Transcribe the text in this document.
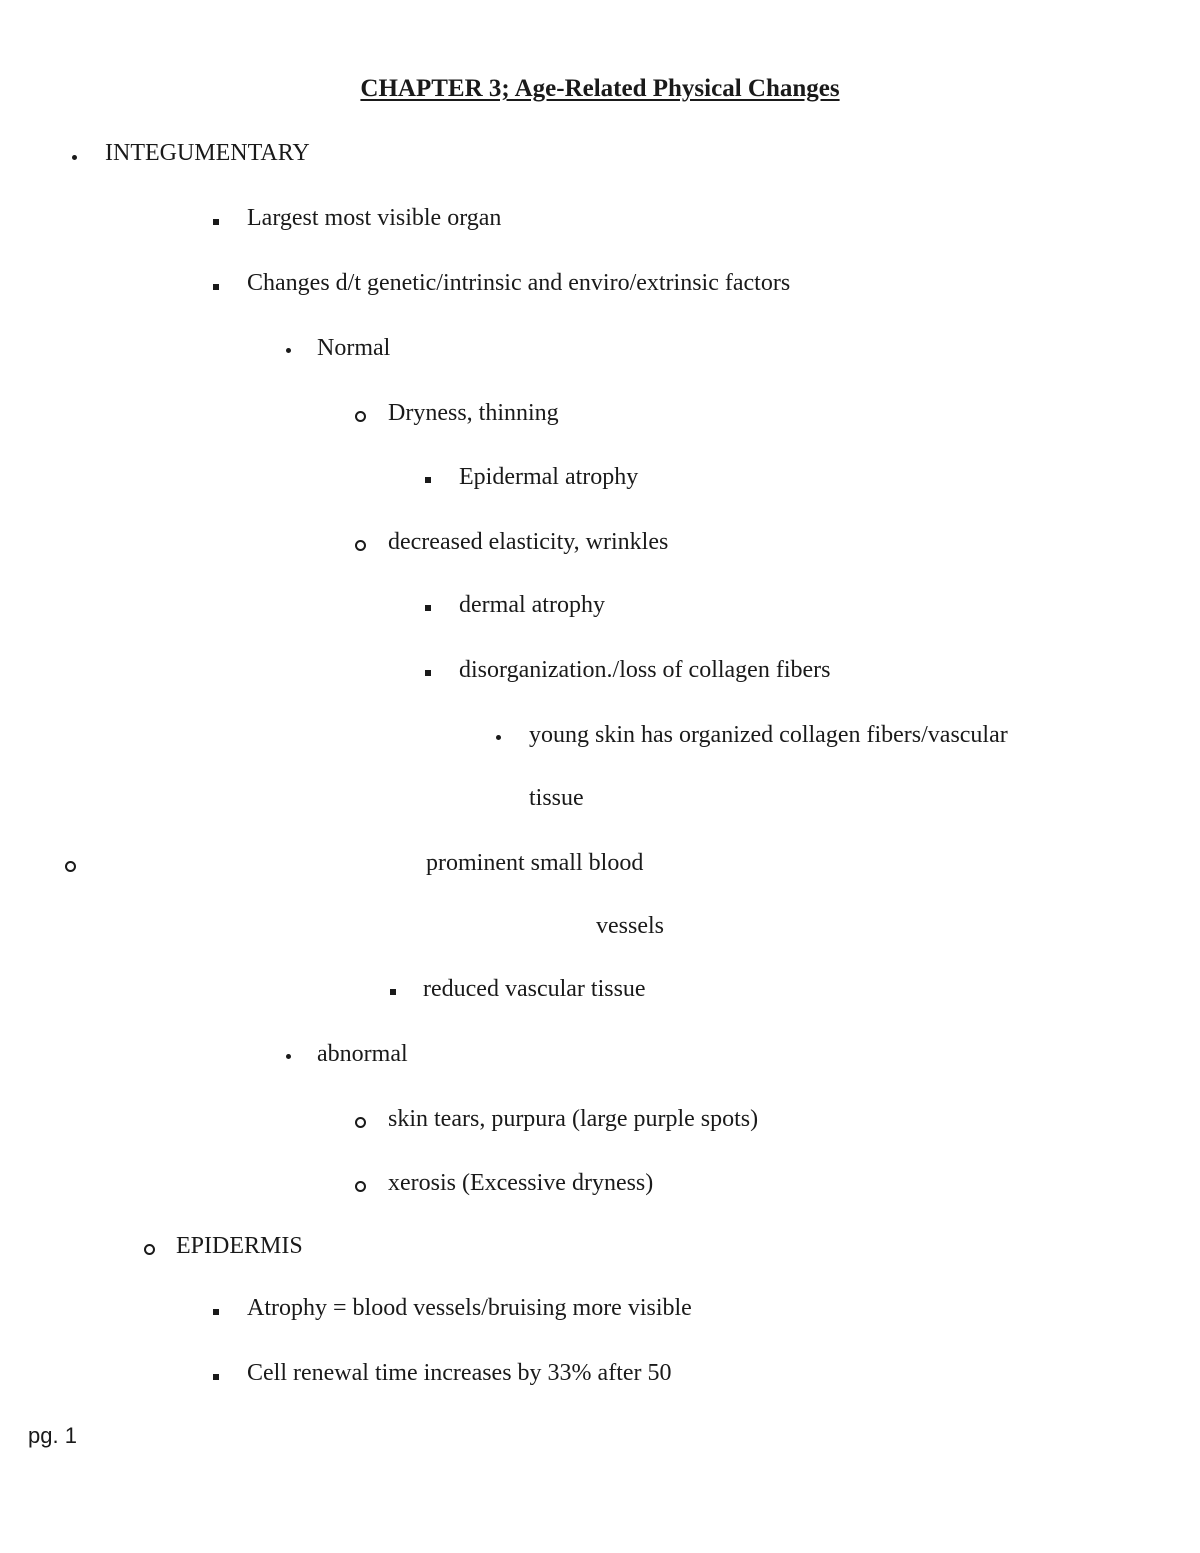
CHAPTER 3; Age-Related Physical Changes
INTEGUMENTARY
Largest most visible organ
Changes d/t genetic/intrinsic and enviro/extrinsic factors
Normal
Dryness, thinning
Epidermal atrophy
decreased elasticity, wrinkles
dermal atrophy
disorganization./loss of collagen fibers
young skin has organized collagen fibers/vascular
tissue
prominent small blood
vessels
reduced vascular tissue
abnormal
skin tears, purpura (large purple spots)
xerosis (Excessive dryness)
EPIDERMIS
Atrophy = blood vessels/bruising more visible
Cell renewal time increases by 33% after 50
pg. 1
